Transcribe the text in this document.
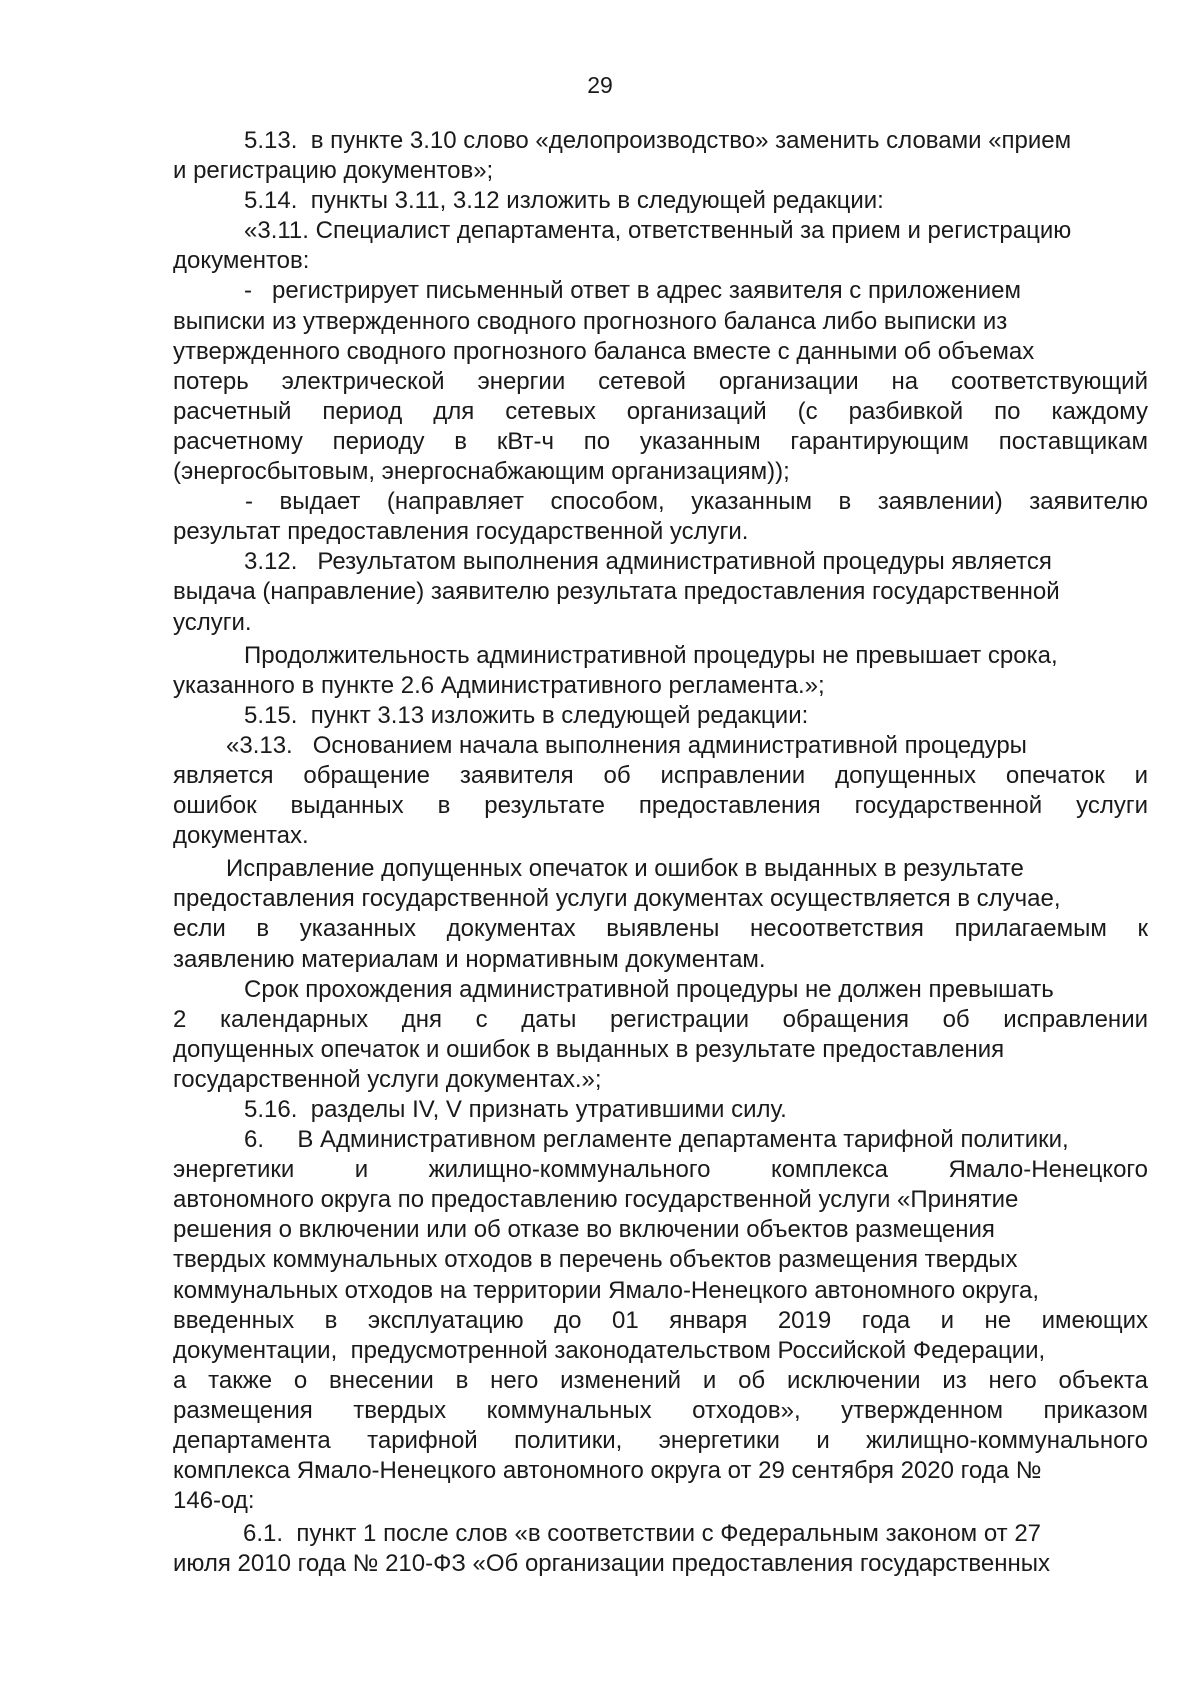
29
5.13.  в пункте 3.10 слово «делопроизводство» заменить словами «прием
и регистрацию документов»;
5.14.  пункты 3.11, 3.12 изложить в следующей редакции:
«3.11. Специалист департамента, ответственный за прием и регистрацию
документов:
-   регистрирует письменный ответ в адрес заявителя с приложением
выписки из утвержденного сводного прогнозного баланса либо выписки из
утвержденного сводного прогнозного баланса вместе с данными об объемах
потерь электрической энергии сетевой организации на соответствующий
расчетный период для сетевых организаций (с разбивкой по каждому
расчетному периоду в кВт-ч по указанным гарантирующим поставщикам
(энергосбытовым, энергоснабжающим организациям));
- выдает (направляет способом, указанным в заявлении) заявителю
результат предоставления государственной услуги.
3.12.   Результатом выполнения административной процедуры является
выдача (направление) заявителю результата предоставления государственной
услуги.
Продолжительность административной процедуры не превышает срока,
указанного в пункте 2.6 Административного регламента.»;
5.15.  пункт 3.13 изложить в следующей редакции:
«3.13.   Основанием начала выполнения административной процедуры
является обращение заявителя об исправлении допущенных опечаток и
ошибок выданных в результате предоставления государственной услуги
документах.
Исправление допущенных опечаток и ошибок в выданных в результате
предоставления государственной услуги документах осуществляется в случае,
если в указанных документах выявлены несоответствия прилагаемым к
заявлению материалам и нормативным документам.
Срок прохождения административной процедуры не должен превышать
2 календарных дня с даты регистрации обращения об исправлении
допущенных опечаток и ошибок в выданных в результате предоставления
государственной услуги документах.»;
5.16.  разделы IV, V признать утратившими силу.
6.     В Административном регламенте департамента тарифной политики,
энергетики и жилищно-коммунального комплекса Ямало-Ненецкого
автономного округа по предоставлению государственной услуги «Принятие
решения о включении или об отказе во включении объектов размещения
твердых коммунальных отходов в перечень объектов размещения твердых
коммунальных отходов на территории Ямало-Ненецкого автономного округа,
введенных в эксплуатацию до 01 января 2019 года и не имеющих
документации,  предусмотренной законодательством Российской Федерации,
а также о внесении в него изменений и об исключении из него объекта
размещения твердых коммунальных отходов», утвержденном приказом
департамента тарифной политики, энергетики и жилищно-коммунального
комплекса Ямало-Ненецкого автономного округа от 29 сентября 2020 года №
146-од:
6.1.  пункт 1 после слов «в соответствии с Федеральным законом от 27
июля 2010 года № 210-ФЗ «Об организации предоставления государственных
